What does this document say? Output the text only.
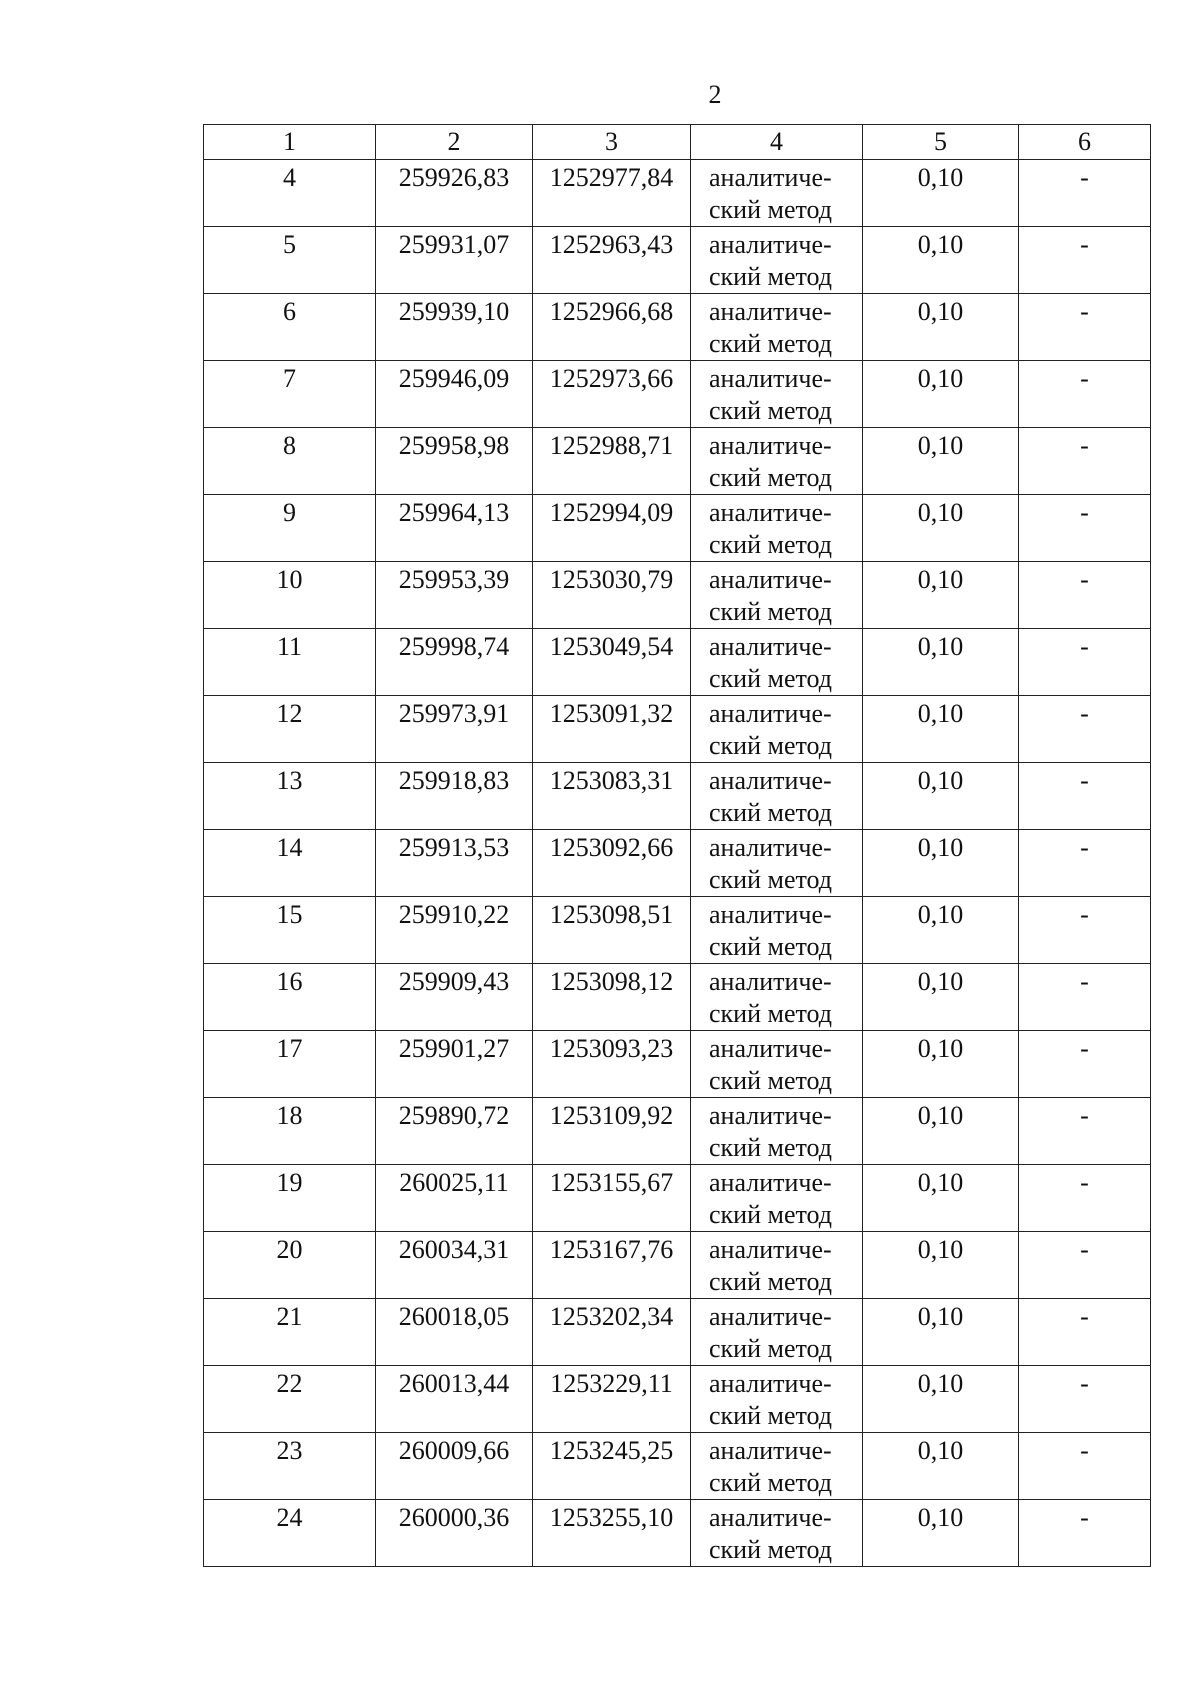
2
1	2	3	4	5	6
4	259926,83	1252977,84	аналитиче-
ский метод	0,10	-
5	259931,07	1252963,43	аналитиче-
ский метод	0,10	-
6	259939,10	1252966,68	аналитиче-
ский метод	0,10	-
7	259946,09	1252973,66	аналитиче-
ский метод	0,10	-
8	259958,98	1252988,71	аналитиче-
ский метод	0,10	-
9	259964,13	1252994,09	аналитиче-
ский метод	0,10	-
10	259953,39	1253030,79	аналитиче-
ский метод	0,10	-
11	259998,74	1253049,54	аналитиче-
ский метод	0,10	-
12	259973,91	1253091,32	аналитиче-
ский метод	0,10	-
13	259918,83	1253083,31	аналитиче-
ский метод	0,10	-
14	259913,53	1253092,66	аналитиче-
ский метод	0,10	-
15	259910,22	1253098,51	аналитиче-
ский метод	0,10	-
16	259909,43	1253098,12	аналитиче-
ский метод	0,10	-
17	259901,27	1253093,23	аналитиче-
ский метод	0,10	-
18	259890,72	1253109,92	аналитиче-
ский метод	0,10	-
19	260025,11	1253155,67	аналитиче-
ский метод	0,10	-
20	260034,31	1253167,76	аналитиче-
ский метод	0,10	-
21	260018,05	1253202,34	аналитиче-
ский метод	0,10	-
22	260013,44	1253229,11	аналитиче-
ский метод	0,10	-
23	260009,66	1253245,25	аналитиче-
ский метод	0,10	-
24	260000,36	1253255,10	аналитиче-
ский метод	0,10	-
